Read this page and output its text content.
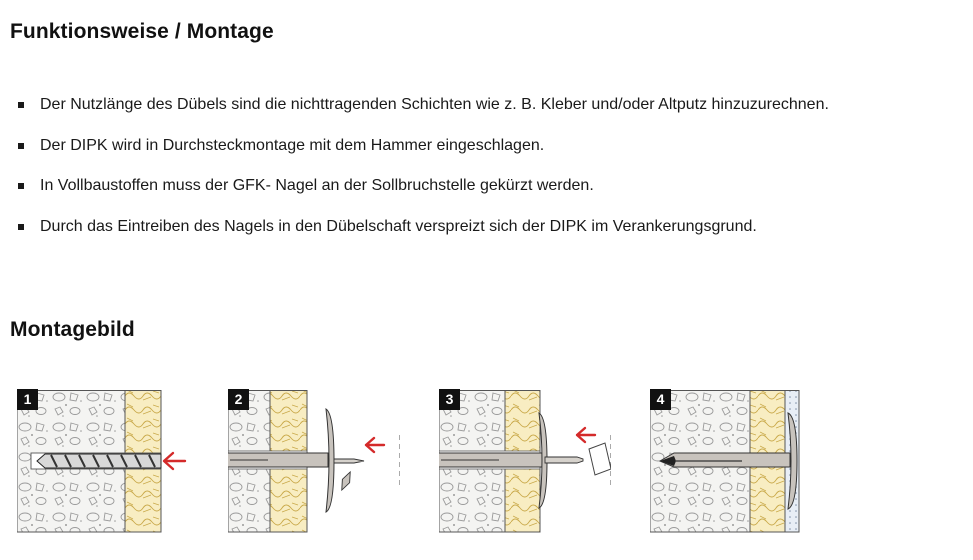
Funktionsweise / Montage
Der Nutzlänge des Dübels sind die nichttragenden Schichten wie z. B. Kleber und/oder Altputz hinzuzurechnen.
Der DIPK wird in Durchsteckmontage mit dem Hammer eingeschlagen.
In Vollbaustoffen muss der GFK- Nagel an der Sollbruchstelle gekürzt werden.
Durch das Eintreiben des Nagels in den Dübelschaft verspreizt sich der DIPK im Verankerungsgrund.
Montagebild
1	2	3	4
